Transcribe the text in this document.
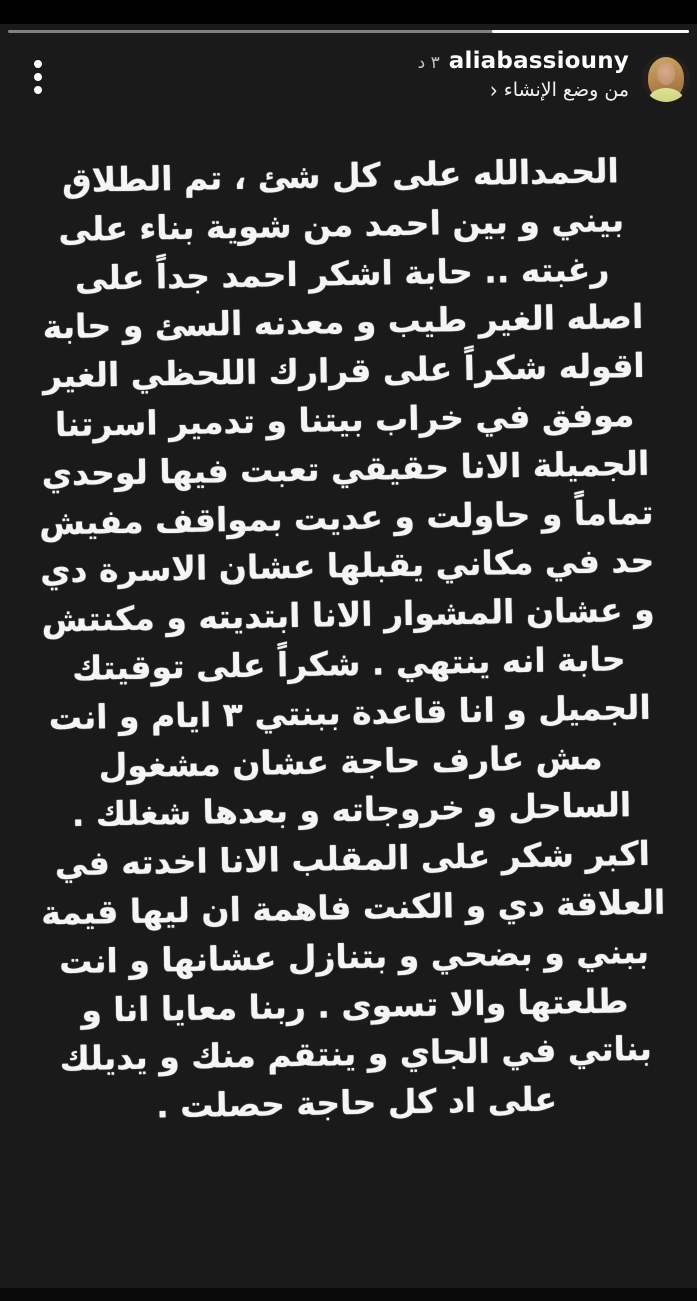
aliabassiouny
٣ د
من وضع الإنشاء
‹
الحمدالله على كل شئ ، تم الطلاق
بيني و بين احمد من شوية بناء على
رغبته .. حابة اشكر احمد جداً على
اصله الغير طيب و معدنه السئ و حابة
اقوله شكراً على قرارك اللحظي الغير
موفق في خراب بيتنا و تدمير اسرتنا
الجميلة الانا حقيقي تعبت فيها لوحدي
تماماً و حاولت و عديت بمواقف مفيش
حد في مكاني يقبلها عشان الاسرة دي
و عشان المشوار الانا ابتديته و مكنتش
حابة انه ينتهي . شكراً على توقيتك
الجميل و انا قاعدة ببنتي ٣ ايام و انت
مش عارف حاجة عشان مشغول
الساحل و خروجاته و بعدها شغلك .
اكبر شكر على المقلب الانا اخدته في
العلاقة دي و الكنت فاهمة ان ليها قيمة
ببني و بضحي و بتنازل عشانها و انت
طلعتها والا تسوى . ربنا معايا انا و
بناتي في الجاي و ينتقم منك و يديلك
على اد كل حاجة حصلت .
